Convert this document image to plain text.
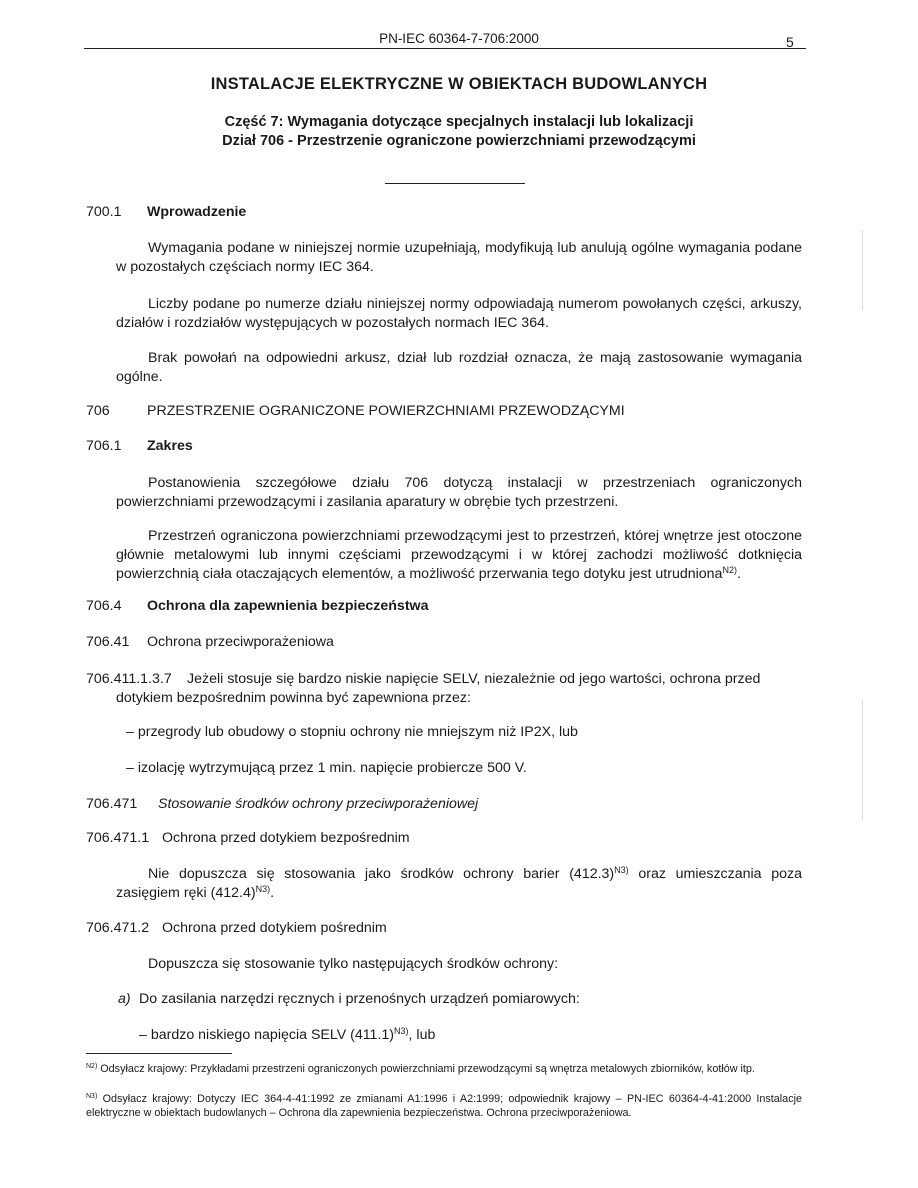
PN-IEC 60364-7-706:2000	5
INSTALACJE ELEKTRYCZNE W OBIEKTACH BUDOWLANYCH
Część 7: Wymagania dotyczące specjalnych instalacji lub lokalizacji
Dział 706 - Przestrzenie ograniczone powierzchniami przewodzącymi
700.1 Wprowadzenie

Wymagania podane w niniejszej normie uzupełniają, modyfikują lub anulują ogólne wymagania podane w pozostałych częściach normy IEC 364.

Liczby podane po numerze działu niniejszej normy odpowiadają numerom powołanych części, arkuszy, działów i rozdziałów występujących w pozostałych normach IEC 364.

Brak powołań na odpowiedni arkusz, dział lub rozdział oznacza, że mają zastosowanie wymagania ogólne.

706	PRZESTRZENIE OGRANICZONE POWIERZCHNIAMI PRZEWODZĄCYMI
706.1 Zakres

Postanowienia szczegółowe działu 706 dotyczą instalacji w przestrzeniach ograniczonych powierzchniami przewodzącymi i zasilania aparatury w obrębie tych przestrzeni.

Przestrzeń ograniczona powierzchniami przewodzącymi jest to przestrzeń, której wnętrze jest otoczone głównie metalowymi lub innymi częściami przewodzącymi i w której zachodzi możliwość dotknięcia powierzchnią ciała otaczających elementów, a możliwość przerwania tego dotyku jest utrudniona$^{N2)}$.

706.4 Ochrona dla zapewnienia bezpieczeństwa
706.41 Ochrona przeciwporażeniowa
706.411.1.3.7 Jeżeli stosuje się bardzo niskie napięcie SELV, niezależnie od jego wartości, ochrona przed
dotykiem bezpośrednim powinna być zapewniona przez:
– przegrody lub obudowy o stopniu ochrony nie mniejszym niż IP2X, lub
– izolację wytrzymującą przez 1 min. napięcie probiercze 500 V.
706.471 Stosowanie środków ochrony przeciwporażeniowej
706.471.1 Ochrona przed dotykiem bezpośrednim

Nie dopuszcza się stosowania jako środków ochrony barier $(412.3)^{N3)}$ oraz umieszczania poza zasięgiem ręki $(412.4)^{N3)}$.

706.471.2 Ochrona przed dotykiem pośrednim
Dopuszcza się stosowanie tylko następujących środków ochrony:
a) Do zasilania narzędzi ręcznych i przenośnych urządzeń pomiarowych:
– bardzo niskiego napięcia SELV $(411.1)^{N3)}$, lub

$^{N2)}$ Odsyłacz krajowy: Przykładami przestrzeni ograniczonych powierzchniami przewodzącymi są wnętrza metalowych zbiorników, kotłów itp.

$^{N3)}$ Odsyłacz krajowy: Dotyczy IEC 364-4-41:1992 ze zmianami A1:1996 i A2:1999; odpowiednik krajowy – PN-IEC 60364-4-41:2000 Instalacje elektryczne w obiektach budowlanych – Ochrona dla zapewnienia bezpieczeństwa. Ochrona przeciwporażeniowa.
